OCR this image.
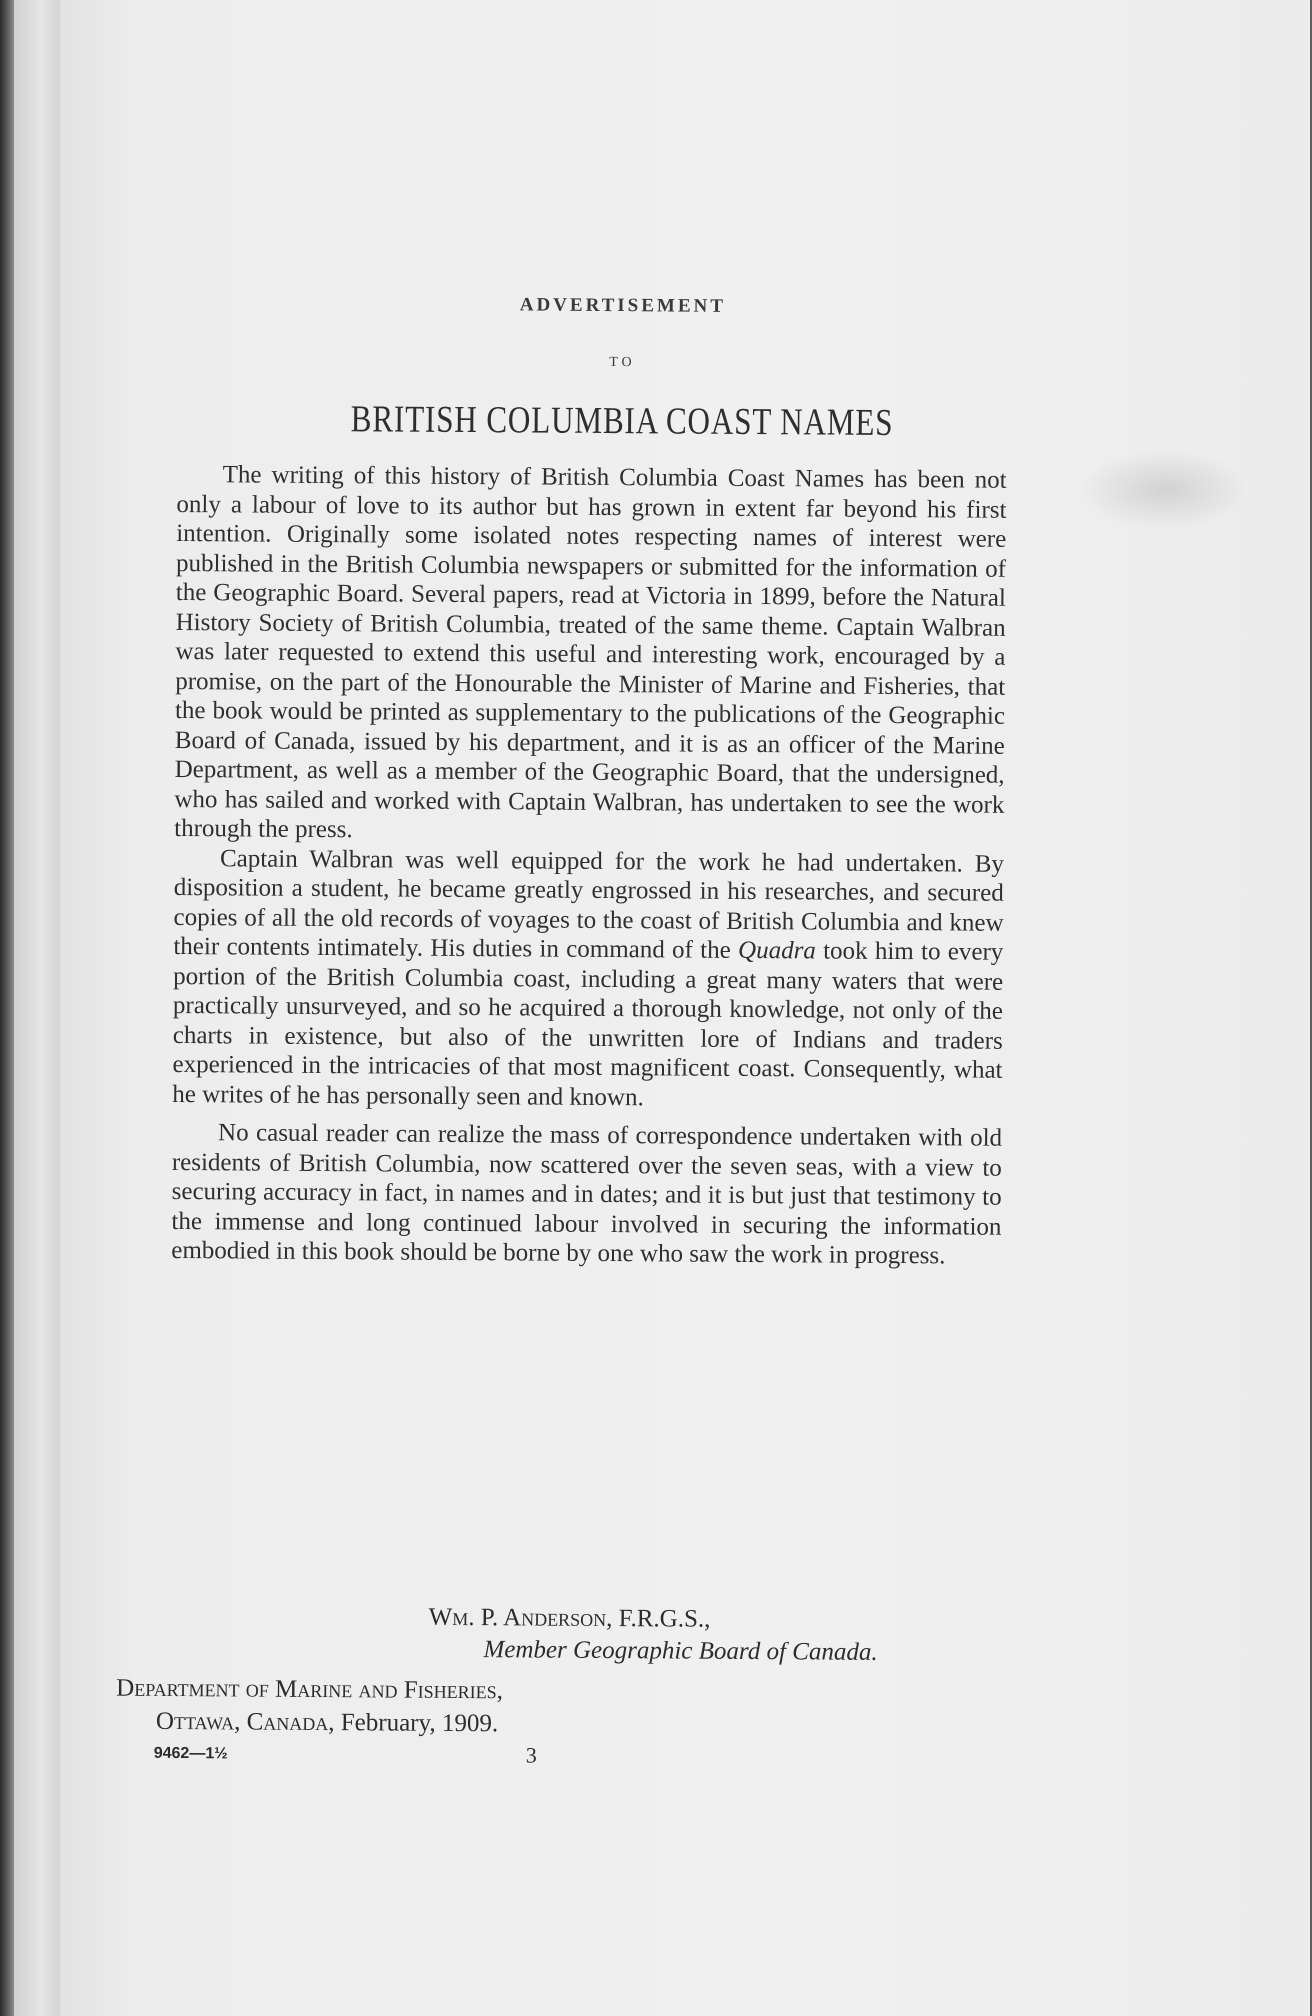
ADVERTISEMENT
TO
BRITISH COLUMBIA COAST NAMES

The writing of this history of British Columbia Coast Names has been not only a labour of love to its author but has grown in extent far beyond his first intention. Originally some isolated notes respecting names of interest were published in the British Columbia newspapers or submitted for the information of the Geographic Board. Several papers, read at Victoria in 1899, before the Natural History Society of British Columbia, treated of the same theme. Captain Walbran was later requested to extend this useful and interesting work, encouraged by a promise, on the part of the Honourable the Minister of Marine and Fisheries, that the book would be printed as supplementary to the publications of the Geographic Board of Canada, issued by his department, and it is as an officer of the Marine Department, as well as a member of the Geographic Board, that the undersigned, who has sailed and worked with Captain Walbran, has undertaken to see the work through the press.

Captain Walbran was well equipped for the work he had undertaken. By disposition a student, he became greatly engrossed in his researches, and secured copies of all the old records of voyages to the coast of British Columbia and knew their contents intimately. His duties in command of the Quadra took him to every portion of the British Columbia coast, including a great many waters that were practically unsurveyed, and so he acquired a thorough knowledge, not only of the charts in existence, but also of the unwritten lore of Indians and traders experienced in the intricacies of that most magnificent coast. Consequently, what he writes of he has personally seen and known.

No casual reader can realize the mass of correspondence undertaken with old residents of British Columbia, now scattered over the seven seas, with a view to securing accuracy in fact, in names and in dates; and it is but just that testimony to the immense and long continued labour involved in securing the information embodied in this book should be borne by one who saw the work in progress.

Wm. P. Anderson, F.R.G.S.,
Member Geographic Board of Canada.
Department of Marine and Fisheries,
Ottawa, Canada, February, 1909.
9462—1½	3
